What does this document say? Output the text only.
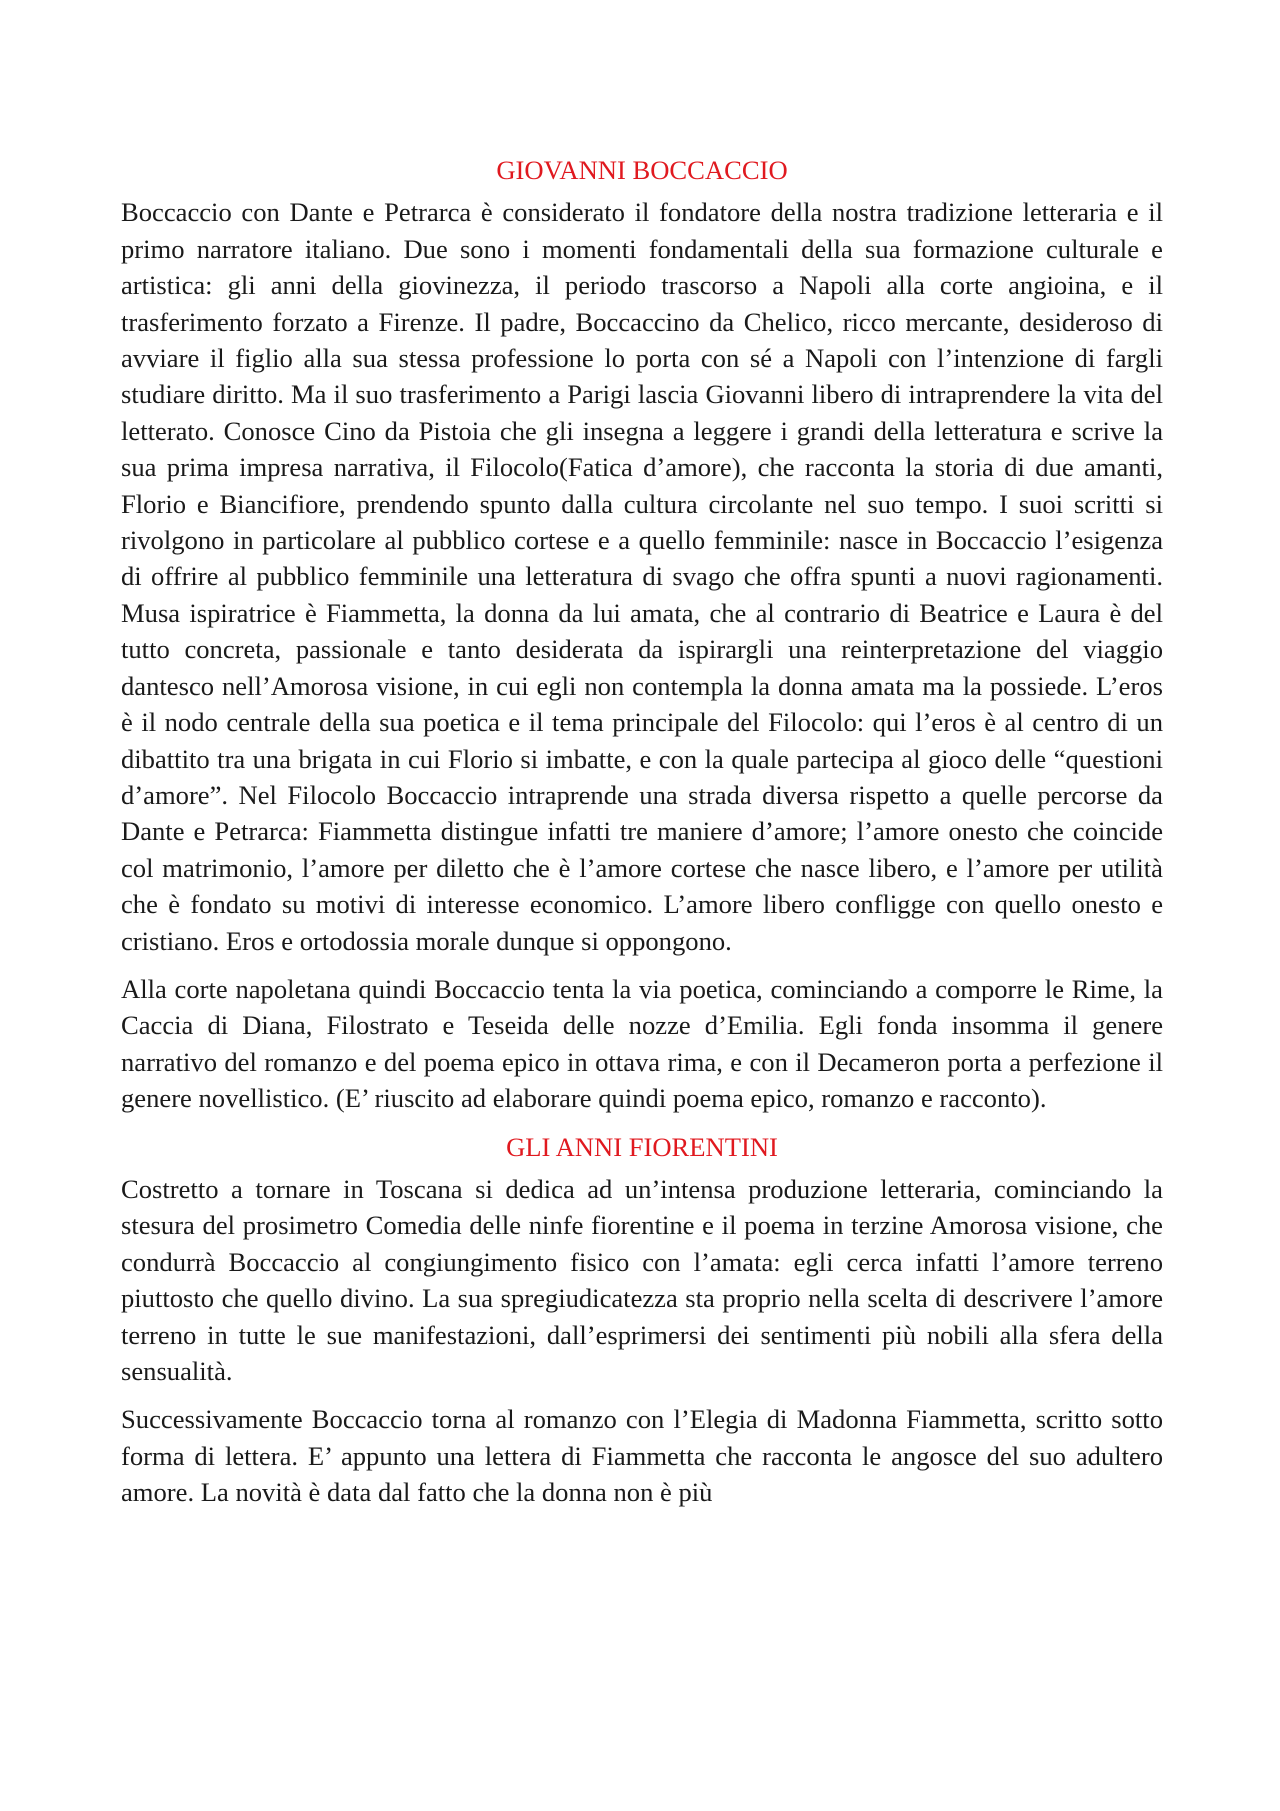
GIOVANNI BOCCACCIO

Boccaccio con Dante e Petrarca è considerato il fondatore della nostra tradizione letteraria e il primo narratore italiano. Due sono i momenti fondamentali della sua formazione culturale e artistica: gli anni della giovinezza, il periodo trascorso a Napoli alla corte angioina, e il trasferimento forzato a Firenze. Il padre, Boccaccino da Chelico, ricco mercante, desideroso di avviare il figlio alla sua stessa professione lo porta con sé a Napoli con l’intenzione di fargli studiare diritto. Ma il suo trasferimento a Parigi lascia Giovanni libero di intraprendere la vita del letterato. Conosce Cino da Pistoia che gli insegna a leggere i grandi della letteratura e scrive la sua prima impresa narrativa, il Filocolo(Fatica d’amore), che racconta la storia di due amanti, Florio e Biancifiore, prendendo spunto dalla cultura circolante nel suo tempo. I suoi scritti si rivolgono in particolare al pubblico cortese e a quello femminile: nasce in Boccaccio l’esigenza di offrire al pubblico femminile una letteratura di svago che offra spunti a nuovi ragionamenti. Musa ispiratrice è Fiammetta, la donna da lui amata, che al contrario di Beatrice e Laura è del tutto concreta, passionale e tanto desiderata da ispirargli una reinterpretazione del viaggio dantesco nell’Amorosa visione, in cui egli non contempla la donna amata ma la possiede. L’eros è il nodo centrale della sua poetica e il tema principale del Filocolo: qui l’eros è al centro di un dibattito tra una brigata in cui Florio si imbatte, e con la quale partecipa al gioco delle “questioni d’amore”. Nel Filocolo Boccaccio intraprende una strada diversa rispetto a quelle percorse da Dante e Petrarca: Fiammetta distingue infatti tre maniere d’amore; l’amore onesto che coincide col matrimonio, l’amore per diletto che è l’amore cortese che nasce libero, e l’amore per utilità che è fondato su motivi di interesse economico. L’amore libero confligge con quello onesto e cristiano. Eros e ortodossia morale dunque si oppongono.

Alla corte napoletana quindi Boccaccio tenta la via poetica, cominciando a comporre le Rime, la Caccia di Diana, Filostrato e Teseida delle nozze d’Emilia. Egli fonda insomma il genere narrativo del romanzo e del poema epico in ottava rima, e con il Decameron porta a perfezione il genere novellistico. (E’ riuscito ad elaborare quindi poema epico, romanzo e racconto).

GLI ANNI FIORENTINI

Costretto a tornare in Toscana si dedica ad un’intensa produzione letteraria, cominciando la stesura del prosimetro Comedia delle ninfe fiorentine e il poema in terzine Amorosa visione, che condurrà Boccaccio al congiungimento fisico con l’amata: egli cerca infatti l’amore terreno piuttosto che quello divino. La sua spregiudicatezza sta proprio nella scelta di descrivere l’amore terreno in tutte le sue manifestazioni, dall’esprimersi dei sentimenti più nobili alla sfera della sensualità.

Successivamente Boccaccio torna al romanzo con l’Elegia di Madonna Fiammetta, scritto sotto forma di lettera. E’ appunto una lettera di Fiammetta che racconta le angosce del suo adultero amore. La novità è data dal fatto che la donna non è più
